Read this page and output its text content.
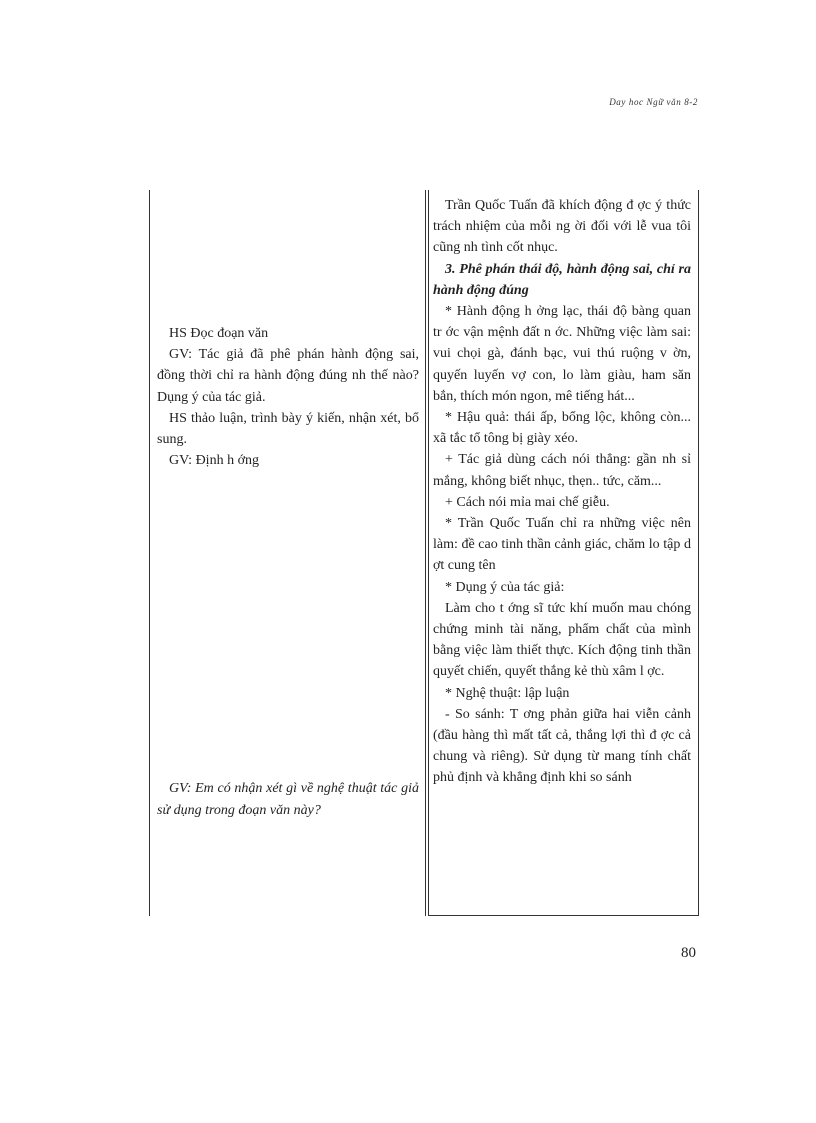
Day hoc Ngữ văn 8-2

HS Đọc đoạn văn

GV: Tác giả đã phê phán hành động sai, đồng thời chỉ ra hành động đúng nh thế nào? Dụng ý của tác giả.

HS thảo luận, trình bày ý kiến, nhận xét, bổ sung.

GV: Định h ớng

GV: Em có nhận xét gì về nghệ thuật tác giả sử dụng trong đoạn văn này?

Trần Quốc Tuấn đã khích động đ ợc ý thức trách nhiệm của mỗi ng ời đối với lễ vua tôi cũng nh tình cốt nhục.

3. Phê phán thái độ, hành động sai, chỉ ra hành động đúng

* Hành động h ởng lạc, thái độ bàng quan tr ớc vận mệnh đất n ớc. Những việc làm sai: vui chọi gà, đánh bạc, vui thú ruộng v ờn, quyến luyến vợ con, lo làm giàu, ham săn bắn, thích món ngon, mê tiếng hát...

* Hậu quả: thái ấp, bổng lộc, không còn... xã tắc tổ tông bị giày xéo.

+ Tác giả dùng cách nói thẳng: gần nh sỉ mắng, không biết nhục, thẹn.. tức, căm...

+ Cách nói mỉa mai chế giễu.

* Trần Quốc Tuấn chỉ ra những việc nên làm: đề cao tinh thần cảnh giác, chăm lo tập d ợt cung tên

* Dụng ý của tác giả:

Làm cho t ớng sĩ tức khí muốn mau chóng chứng minh tài năng, phẩm chất của mình bằng việc làm thiết thực. Kích động tinh thần quyết chiến, quyết thắng kẻ thù xâm l ợc.

* Nghệ thuật: lập luận

- So sánh: T ơng phản giữa hai viễn cảnh (đầu hàng thì mất tất cả, thắng lợi thì đ ợc cả chung và riêng). Sử dụng từ mang tính chất phủ định và khẳng định khi so sánh

80
